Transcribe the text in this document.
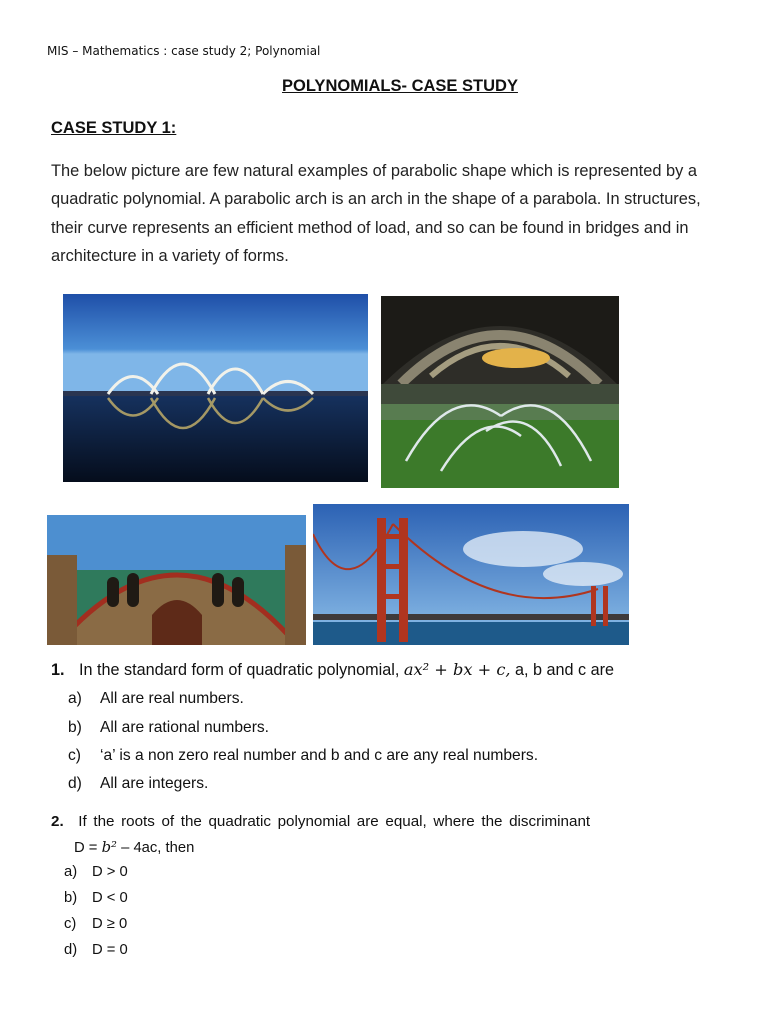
MIS – Mathematics : case study 2; Polynomial
POLYNOMIALS- CASE STUDY
CASE STUDY 1:
The below picture are few natural examples of parabolic shape which is represented by a quadratic polynomial. A parabolic arch is an arch in the shape of a parabola. In structures, their curve represents an efficient method of load, and so can be found in bridges and in architecture in a variety of forms.
1. In the standard form of quadratic polynomial, ax² + bx + c, a, b and c are
a) All are real numbers.
b) All are rational numbers.
c) ‘a’ is a non zero real number and b and c are any real numbers.
d) All are integers.
2. If the roots of the quadratic polynomial are equal, where the discriminant
D = b² – 4ac, then
a) D > 0
b) D < 0
c) D ≥ 0
d) D = 0
